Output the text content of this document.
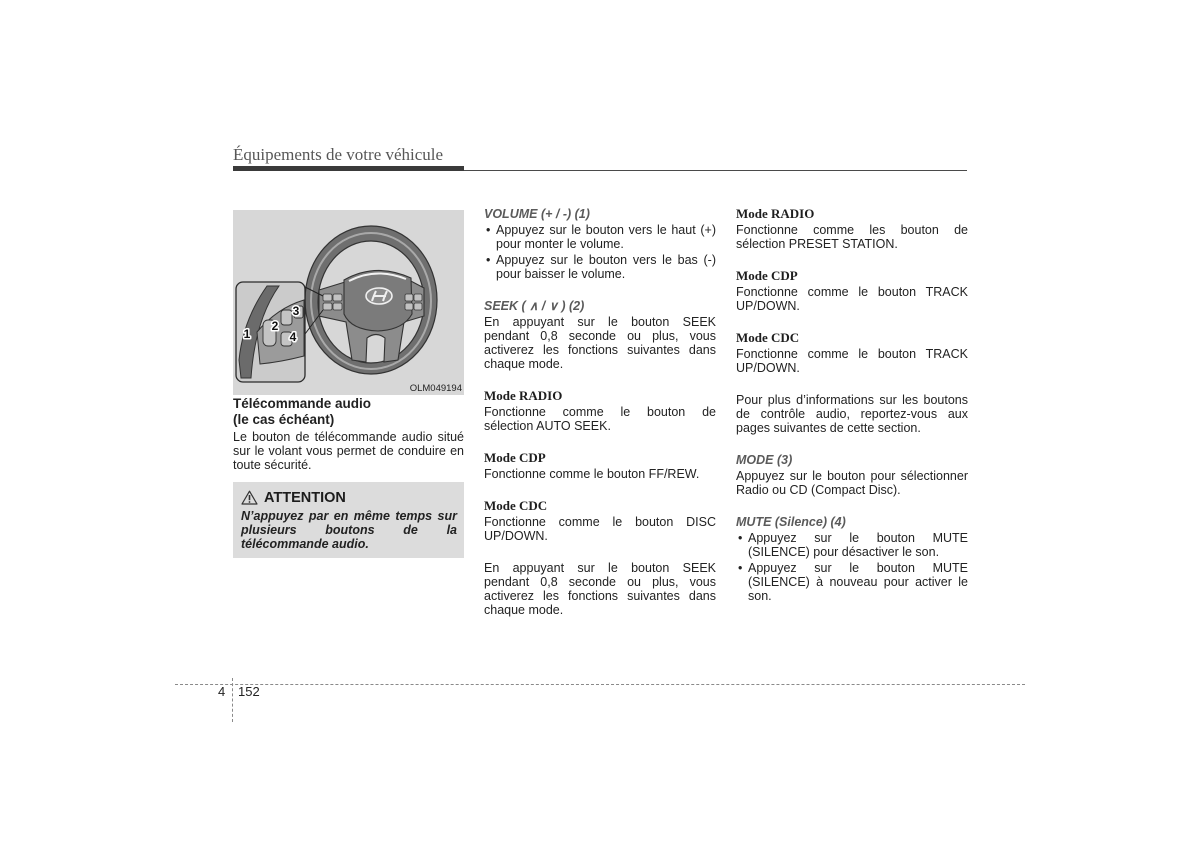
Équipements de votre véhicule
1
2
3
4
OLM049194
Télécommande audio
(le cas échéant)
Le bouton de télécommande audio situé
sur le volant vous permet de conduire en
toute sécurité.
ATTENTION
N’appuyez par en même temps sur
plusieurs boutons de la
télécommande audio.
VOLUME (+ / -) (1)
• Appuyez sur le bouton vers le haut (+)
pour monter le volume.
• Appuyez sur le bouton vers le bas (-)
pour baisser le volume.
SEEK ( ∧ / ∨ ) (2)
En appuyant sur le bouton SEEK
pendant 0,8 seconde ou plus, vous
activerez les fonctions suivantes dans
chaque mode.
Mode RADIO
Fonctionne comme le bouton de
sélection AUTO SEEK.
Mode CDP
Fonctionne comme le bouton FF/REW.
Mode CDC
Fonctionne comme le bouton DISC
UP/DOWN.
En appuyant sur le bouton SEEK
pendant 0,8 seconde ou plus, vous
activerez les fonctions suivantes dans
chaque mode.
Mode RADIO
Fonctionne comme les bouton de
sélection PRESET STATION.
Mode CDP
Fonctionne comme le bouton TRACK
UP/DOWN.
Mode CDC
Fonctionne comme le bouton TRACK
UP/DOWN.
Pour plus d’informations sur les boutons
de contrôle audio, reportez-vous aux
pages suivantes de cette section.
MODE (3)
Appuyez sur le bouton pour sélectionner
Radio ou CD (Compact Disc).
MUTE (Silence) (4)
• Appuyez sur le bouton MUTE
(SILENCE) pour désactiver le son.
• Appuyez sur le bouton MUTE
(SILENCE) à nouveau pour activer le
son.
4 152
